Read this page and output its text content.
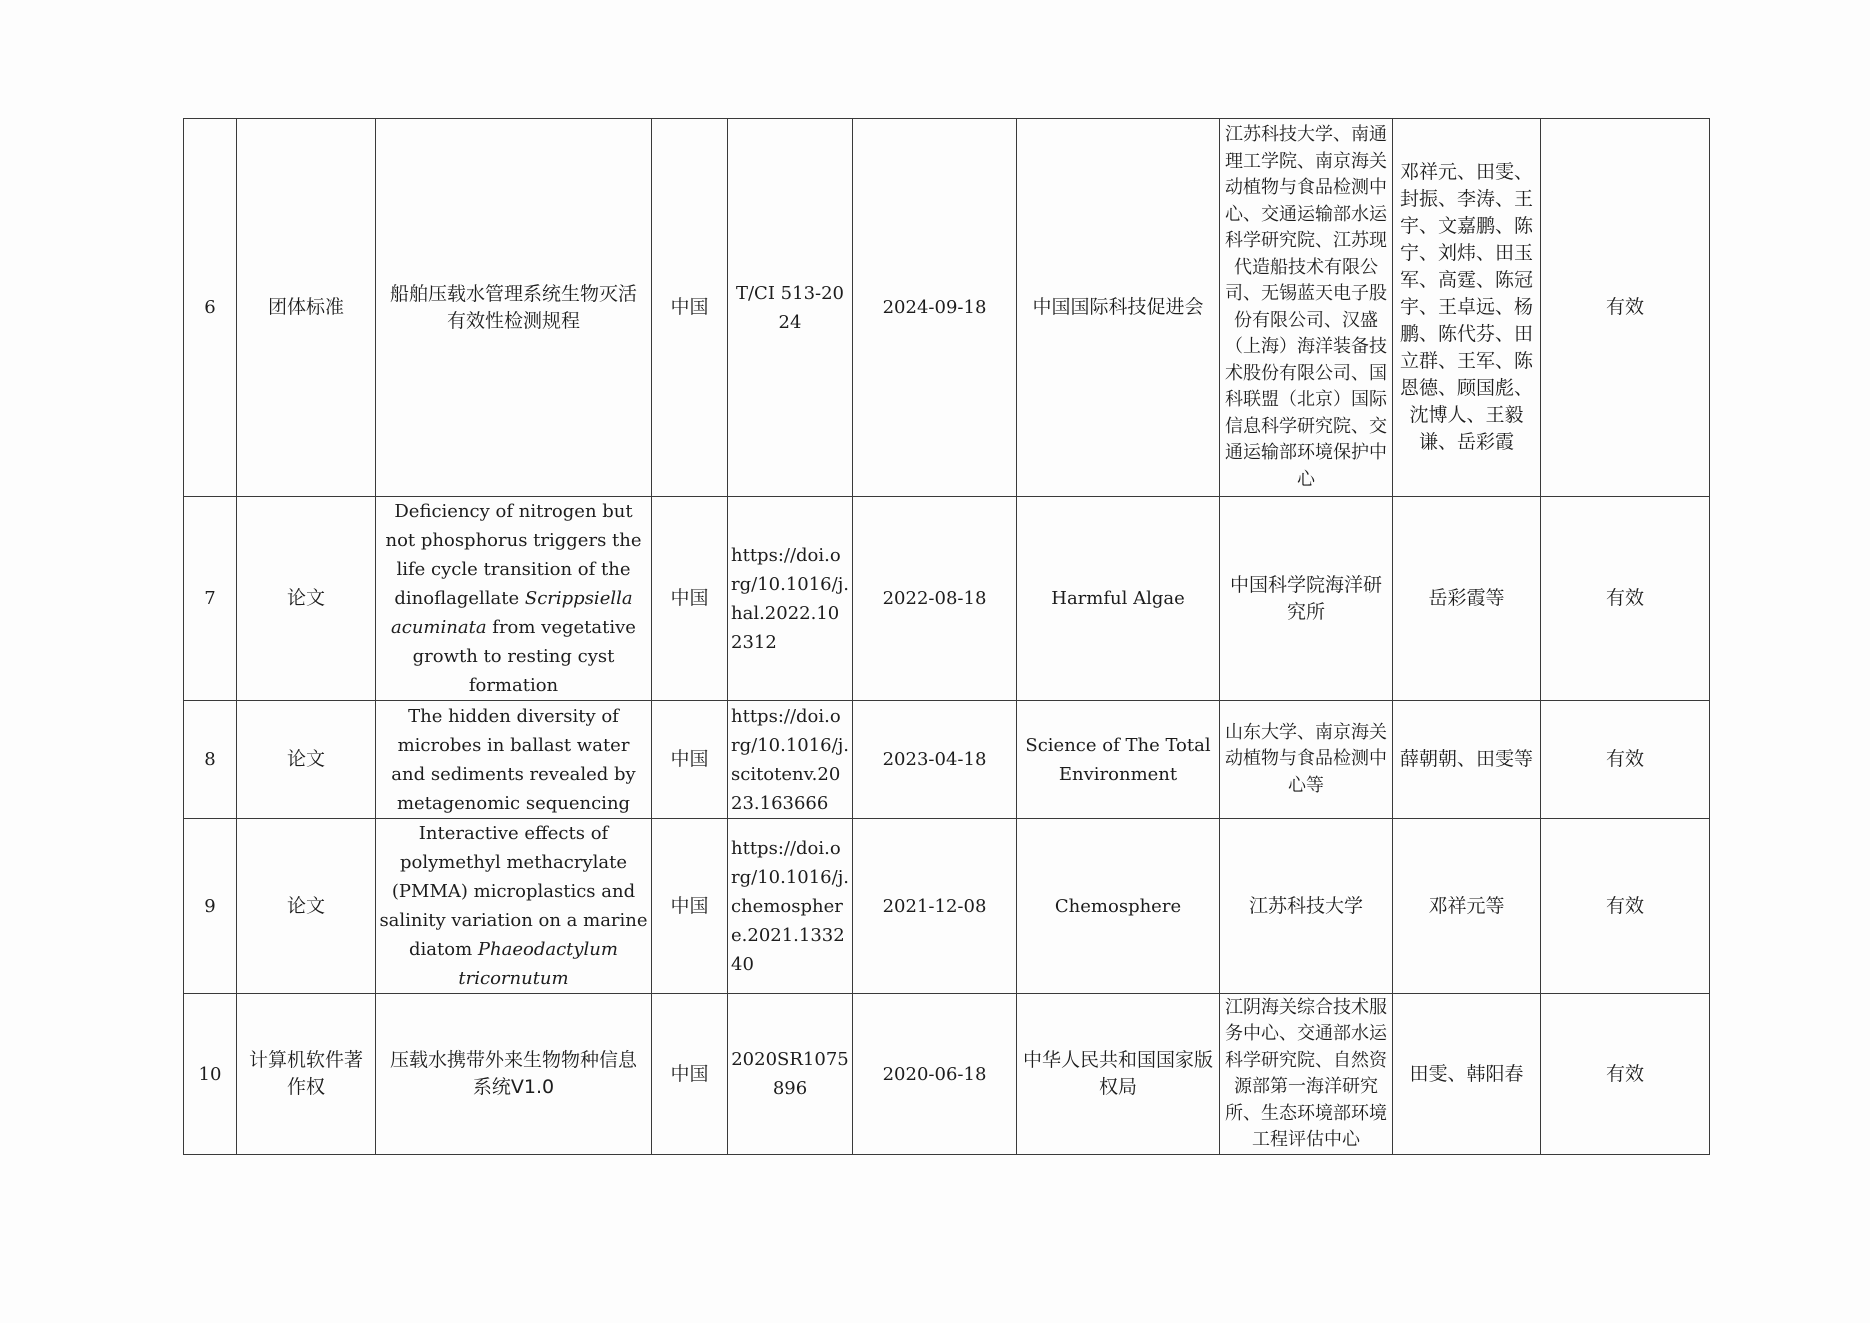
6	团体标准	船舶压载水管理系统生物灭活有效性检测规程	中国	T/CI 513-2024	2024-09-18	中国国际科技促进会	江苏科技大学、南通理工学院、南京海关动植物与食品检测中心、交通运输部水运科学研究院、江苏现代造船技术有限公司、无锡蓝天电子股份有限公司、汉盛（上海）海洋装备技术股份有限公司、国科联盟（北京）国际信息科学研究院、交通运输部环境保护中心	邓祥元、田雯、封振、李涛、王宇、文嘉鹏、陈宁、刘炜、田玉军、高霆、陈冠宇、王卓远、杨鹏、陈代芬、田立群、王军、陈恩德、顾国彪、沈博人、王毅谦、岳彩霞	有效
7	论文	Deficiency of nitrogen but not phosphorus triggers the life cycle transition of the dinoflagellate Scrippsiella acuminata from vegetative growth to resting cyst formation	中国	https://doi.org/10.1016/j.hal.2022.102312	2022-08-18	Harmful Algae	中国科学院海洋研究所	岳彩霞等	有效
8	论文	The hidden diversity of microbes in ballast water and sediments revealed by metagenomic sequencing	中国	https://doi.org/10.1016/j.scitotenv.2023.163666	2023-04-18	Science of The Total Environment	山东大学、南京海关动植物与食品检测中心等	薛朝朝、田雯等	有效
9	论文	Interactive effects of polymethyl methacrylate (PMMA) microplastics and salinity variation on a marine diatom Phaeodactylum tricornutum	中国	https://doi.org/10.1016/j.chemosphere.2021.133240	2021-12-08	Chemosphere	江苏科技大学	邓祥元等	有效
10	计算机软件著作权	压载水携带外来生物物种信息系统V1.0	中国	2020SR1075896	2020-06-18	中华人民共和国国家版权局	江阴海关综合技术服务中心、交通部水运科学研究院、自然资源部第一海洋研究所、生态环境部环境工程评估中心	田雯、韩阳春	有效
